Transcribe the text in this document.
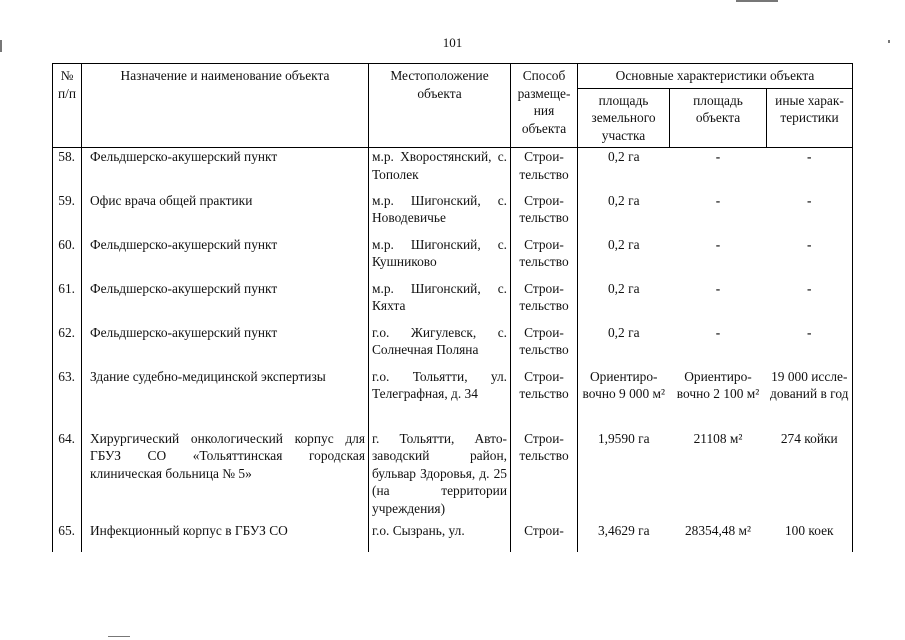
101
№ п/п	Назначение и наименование объекта	Местоположение объекта	Способ размеще-ния объекта	Основные характеристики объекта		
				площадь земельного участка	площадь объекта	иные харак-теристики
58.	Фельдшерско-акушерский пункт	м.р. Хворостянский, с. Тополек	Строи-тельство	0,2 га	-	-
59.	Офис врача общей практики	м.р. Шигонский, с. Новодевичье	Строи-тельство	0,2 га	-	-
60.	Фельдшерско-акушерский пункт	м.р. Шигонский, с. Кушниково	Строи-тельство	0,2 га	-	-
61.	Фельдшерско-акушерский пункт	м.р. Шигонский, с. Кяхта	Строи-тельство	0,2 га	-	-
62.	Фельдшерско-акушерский пункт	г.о. Жигулевск, с. Солнечная Поляна	Строи-тельство	0,2 га	-	-
63.	Здание судебно-медицинской экспертизы	г.о. Тольятти, ул. Телеграфная, д. 34	Строи-тельство	Ориентиро-вочно 9 000 м²	Ориентиро-вочно 2 100 м²	19 000 иссле-дований в год
64.	Хирургический онкологический корпус для ГБУЗ СО «Тольяттинская городская клиническая больница № 5»	г. Тольятти, Авто-заводский район, бульвар Здоровья, д. 25 (на территории учреждения)	Строи-тельство	1,9590 га	21108 м²	274 койки
65.	Инфекционный корпус в ГБУЗ СО	г.о. Сызрань, ул.	Строи-	3,4629 га	28354,48 м²	100 коек
